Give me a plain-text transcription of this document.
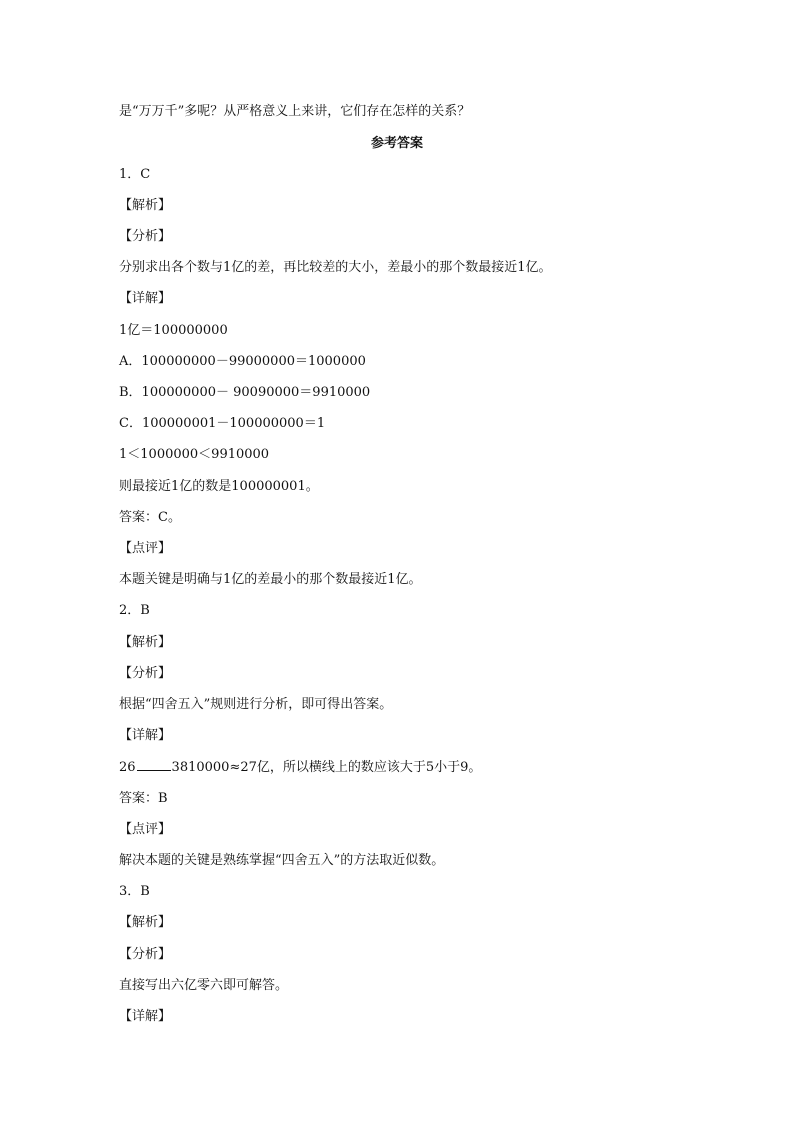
是“万万千”多呢？从严格意义上来讲，它们存在怎样的关系？
参考答案
1．C
【解析】
【分析】
分别求出各个数与1亿的差，再比较差的大小，差最小的那个数最接近1亿。
【详解】
1亿＝100000000
A．100000000－99000000＝1000000
B．100000000－ 90090000＝9910000
C．100000001－100000000＝1
1＜1000000＜9910000
则最接近1亿的数是100000001。
答案：C。
【点评】
本题关键是明确与1亿的差最小的那个数最接近1亿。
2．B
【解析】
【分析】
根据“四舍五入”规则进行分析，即可得出答案。
【详解】
26	3810000≈27亿，所以横线上的数应该大于5小于9。
答案：B
【点评】
解决本题的关键是熟练掌握“四舍五入”的方法取近似数。
3．B
【解析】
【分析】
直接写出六亿零六即可解答。
【详解】
